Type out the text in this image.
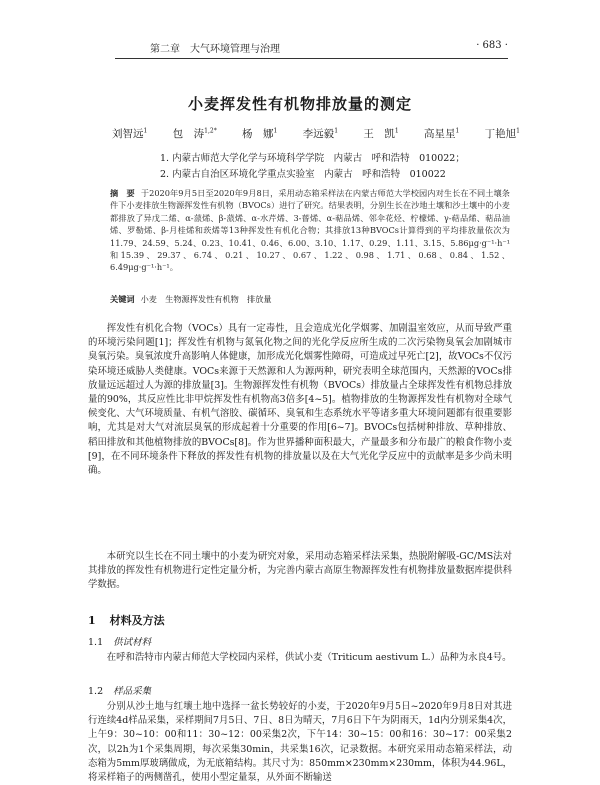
第二章　大气环境管理与治理	· 683 ·
小麦挥发性有机物排放量的测定
刘智远$^1$ 包　涛$^{1,2*}$ 杨　娜$^1$ 李远毅$^1$ 王　凯$^1$ 高星星$^1$ 丁艳旭$^1$
1. 内蒙古师范大学化学与环境科学学院　内蒙古　呼和浩特　010022；
2. 内蒙古自治区环境化学重点实验室　内蒙古　呼和浩特　010022
摘　要 于2020年9月5日至2020年9月8日，采用动态箱采样法在内蒙古师范大学校园内对生长在不同土壤条件下小麦排放生物源挥发性有机物（BVOCs）进行了研究。结果表明，分别生长在沙地土壤和沙土壤中的小麦都排放了异戊二烯、α-蒎烯、β-蒎烯、α-水芹烯、3-蒈烯、α-萜品烯、邻伞花烃、柠檬烯、γ-萜品烯、萜品油烯、罗勒烯、β-月桂烯和莰烯等13种挥发性有机化合物；其排放13种BVOCs计算得到的平均排放量依次为11.79、24.59、5.24、0.23、10.41、0.46、6.00、3.10、1.17、0.29、1.11、3.15、5.86μg·g⁻¹·h⁻¹和15.39、29.37、6.74、0.21、10.27、0.67、1.22、0.98、1.71、0.68、0.84、1.52、6.49μg·g⁻¹·h⁻¹。
关键词 小麦　生物源挥发性有机物　排放量

挥发性有机化合物（VOCs）具有一定毒性，且会造成光化学烟雾、加剧温室效应，从而导致严重的环境污染问题[1]；挥发性有机物与氮氧化物之间的光化学反应所生成的二次污染物臭氧会加剧城市臭氧污染。臭氧浓度升高影响人体健康，加形成光化烟雾性障碍，可造成过早死亡[2]，故VOCs不仅污染环境还威胁人类健康。VOCs来源于天然源和人为源两种，研究表明全球范围内，天然源的VOCs排放量远远超过人为源的排放量[3]。生物源挥发性有机物（BVOCs）排放量占全球挥发性有机物总排放量的90%，其反应性比非甲烷挥发性有机物高3倍多[4~5]。植物排放的生物源挥发性有机物对全球气候变化、大气环境质量、有机气溶胶、碳循环、臭氧和生态系统水平等诸多重大环境问题都有很重要影响，尤其是对大气对流层臭氧的形成起着十分重要的作用[6~7]。BVOCs包括树种排放、草种排放、稻田排放和其他植物排放的BVOCs[8]。作为世界播种面积最大，产量最多和分布最广的粮食作物小麦[9]，在不同环境条件下释放的挥发性有机物的排放量以及在大气光化学反应中的贡献率是多少尚未明确。

本研究以生长在不同土壤中的小麦为研究对象，采用动态箱采样法采集，热脱附解吸-GC/MS法对其排放的挥发性有机物进行定性定量分析，为完善内蒙古高原生物源挥发性有机物排放量数据库提供科学数据。

1 材料及方法
1.1 供试材料

在呼和浩特市内蒙古师范大学校园内采样，供试小麦（Triticum aestivum L.）品种为永良4号。

1.2 样品采集

分别从沙土地与红壤土地中选择一盆长势较好的小麦，于2020年9月5日~2020年9月8日对其进行连续4d样品采集，采样期间7月5日、7日、8日为晴天，7月6日下午为阴雨天，1d内分别采集4次，上午9：30~10：00和11：30~12：00采集2次，下午14：30~15：00和16：30~17：00采集2次，以2h为1个采集周期，每次采集30min，共采集16次，记录数据。本研究采用动态箱采样法，动态箱为5mm厚玻璃做成，为无底箱结构。其尺寸为：850mm×230mm×230mm，体积为44.96L，将采样箱子的两侧凿孔，使用小型定量泵，从外面不断输送
